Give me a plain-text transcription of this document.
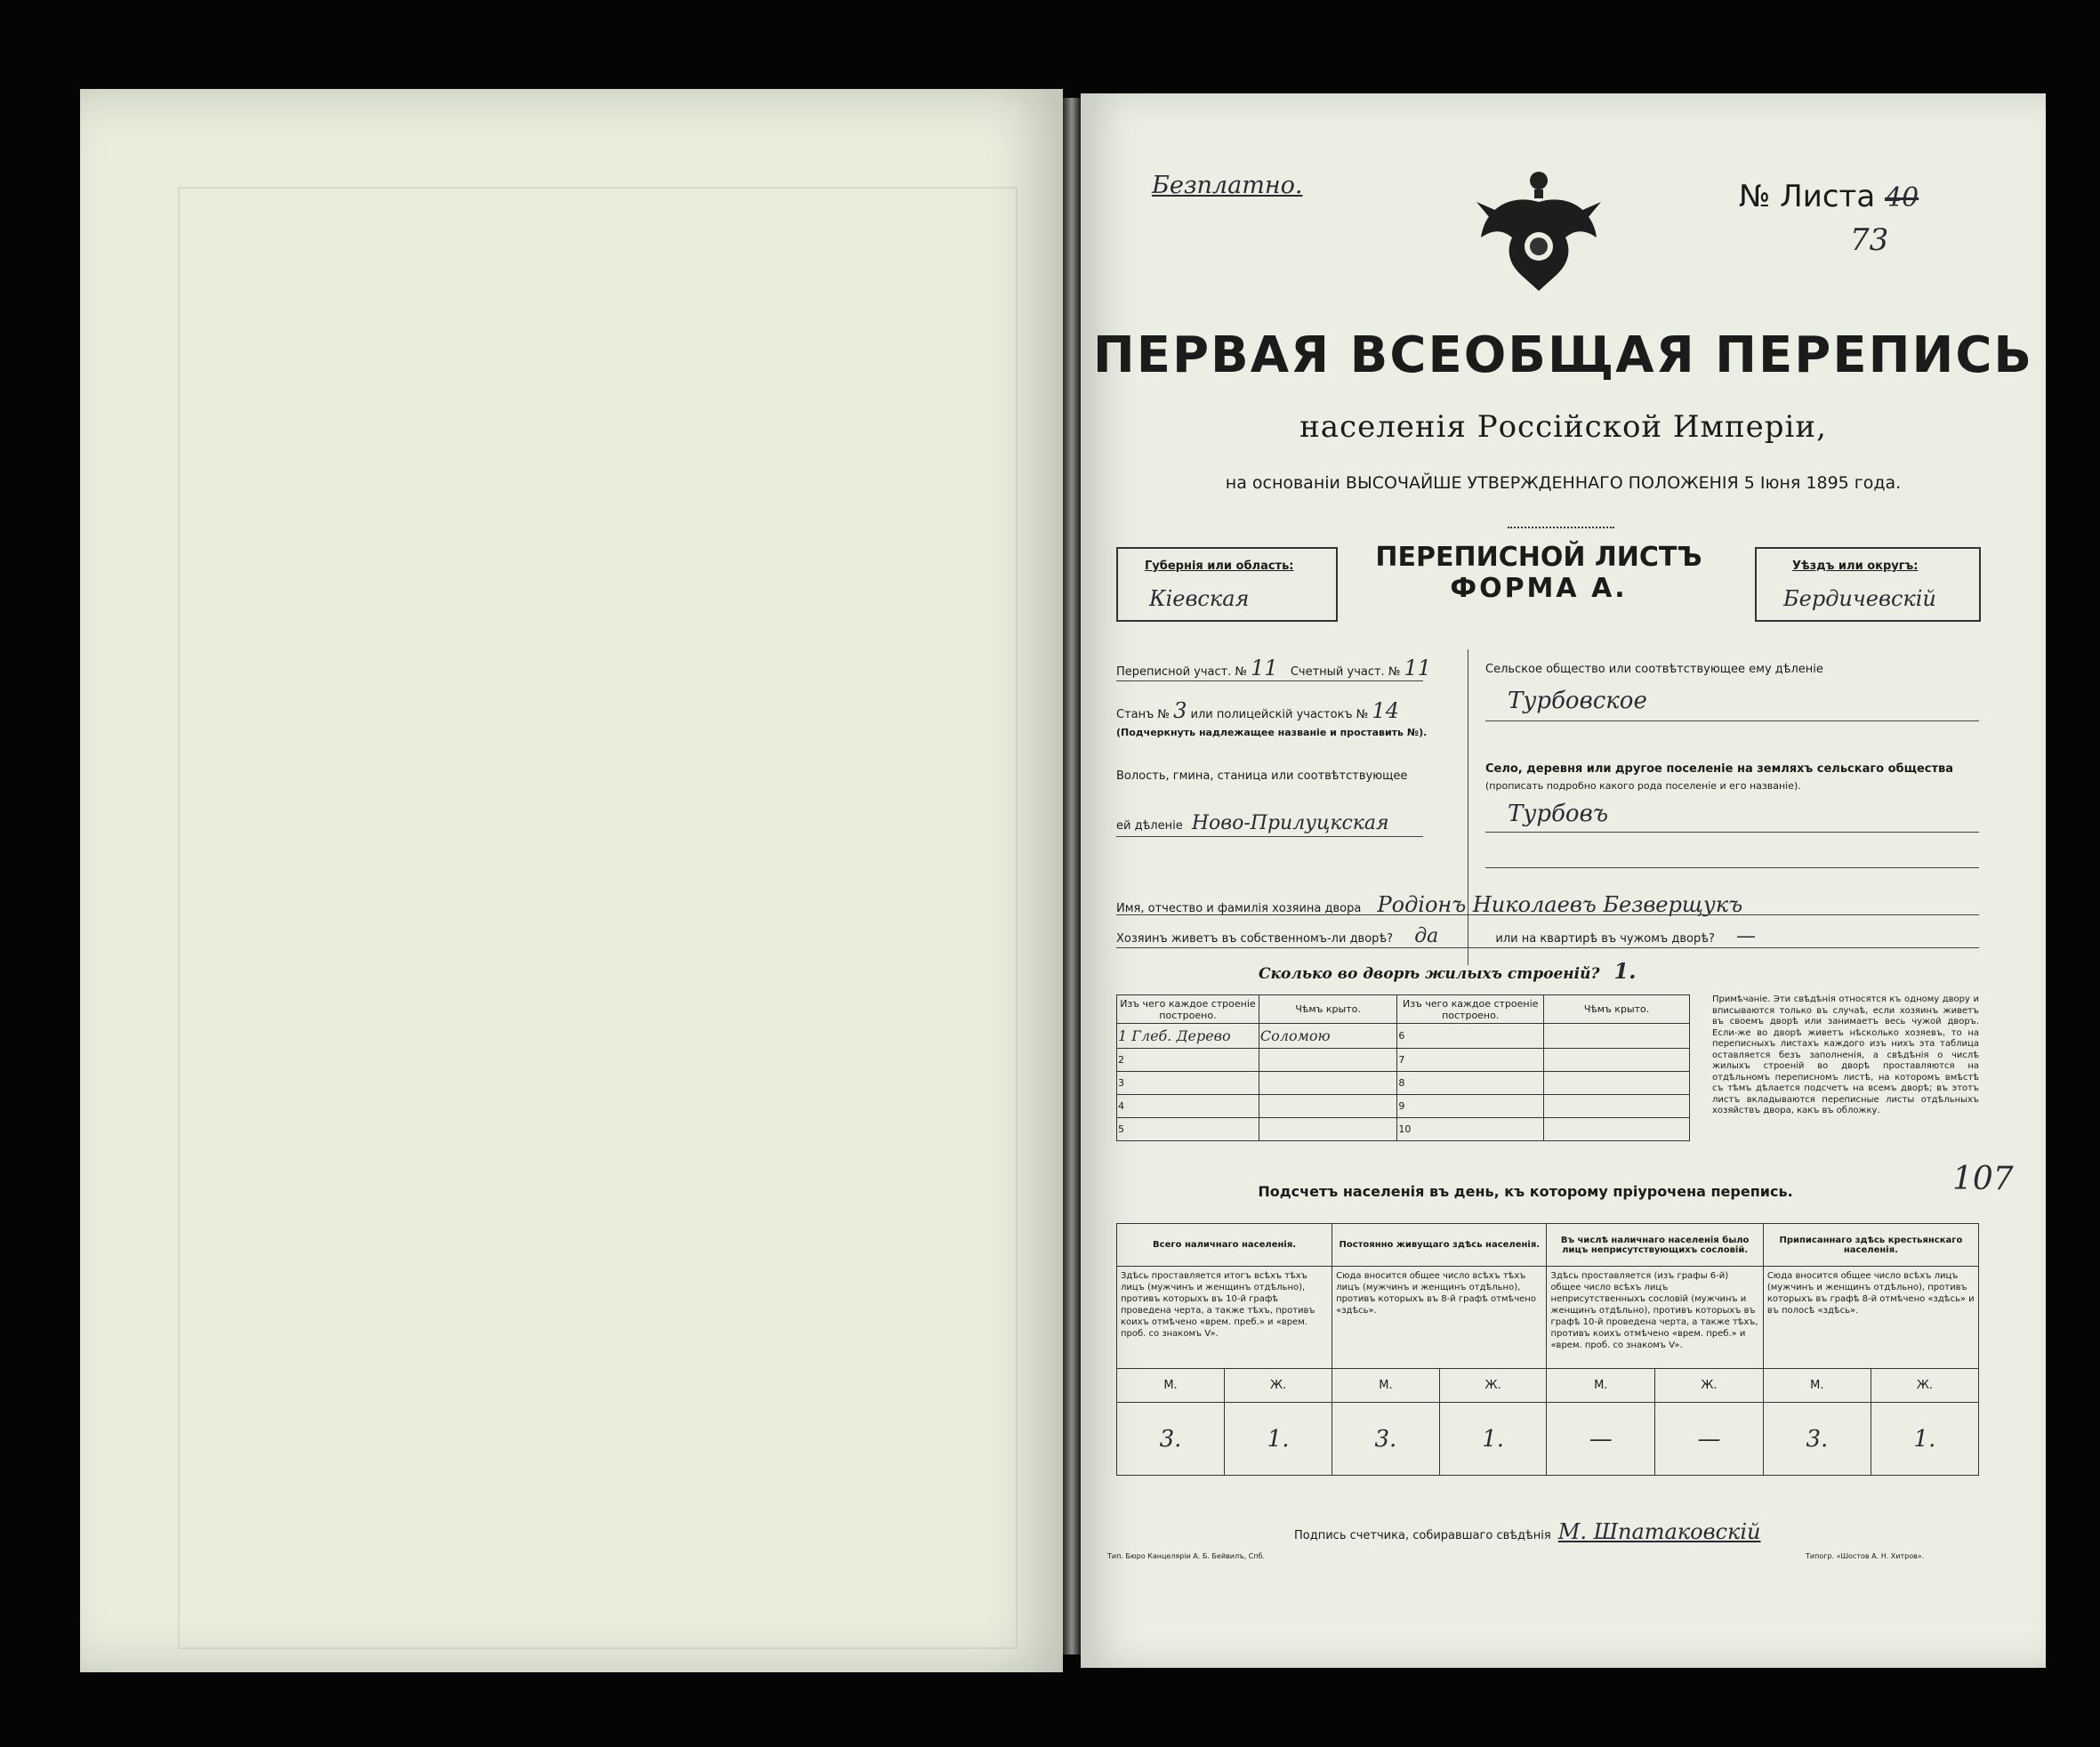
Безплатно.	№ Листа 40
73
ПЕРВАЯ ВСЕОБЩАЯ ПЕРЕПИСЬ
населенія Россійской Имперіи,
на основаніи ВЫСОЧАЙШЕ УТВЕРЖДЕННАГО ПОЛОЖЕНІЯ 5 Іюня 1895 года.
Губернія или область:
Кіевская
ПЕРЕПИСНОЙ ЛИСТЪ
ФОРМА А.
Уѣздъ или округъ:
Бердичевскій
Переписной участ. № 11 Счетный участ. № 11
Станъ № 3 или полицейскій участокъ № 14
(Подчеркнуть надлежащее названіе и проставить №).
Волость, гмина, станица или соотвѣтствующее
ей дѣленіе Ново-Прилуцкская
Сельское общество или соотвѣтствующее ему дѣленіе
Турбовское
Село, деревня или другое поселеніе на земляхъ сельскаго общества
(прописать подробно какого рода поселеніе и его названіе).
Турбовъ
Имя, отчество и фамилія хозяина двора Родіонъ Николаевъ Безверщукъ
Хозяинъ живетъ въ собственномъ-ли дворѣ? да	или на квартирѣ въ чужомъ дворѣ? —
Сколько во дворѣ жилыхъ строеній? 1.
Изъ чего каждое строеніе построено.	Чѣмъ крыто.	Изъ чего каждое строеніе построено.	Чѣмъ крыто.
1 Глеб. Дерево	Соломою	6	
2		7	
3		8	
4		9	
5		10	
Примѣчаніе. Эти свѣдѣнія относятся къ одному двору и вписываются только въ случаѣ, если хозяинъ живетъ въ своемъ дворѣ или занимаетъ весь чужой дворъ. Если-же во дворѣ живетъ нѣсколько хозяевъ, то на переписныхъ листахъ каждого изъ нихъ эта таблица оставляется безъ заполненія, а свѣдѣнія о числѣ жилыхъ строеній во дворѣ проставляются на отдѣльномъ переписномъ листѣ, на которомъ вмѣстѣ съ тѣмъ дѣлается подсчетъ на всемъ дворѣ; въ этотъ листъ вкладываются переписные листы отдѣльныхъ хозяйствъ двора, какъ въ обложку.
Подсчетъ населенія въ день, къ которому пріурочена перепись.	107
Всего наличнаго населенія.		Постоянно живущаго здѣсь населенія.		Въ числѣ наличнаго населенія было лицъ неприсутствующихъ сословій.		Приписаннаго здѣсь крестьянскаго населенія.	
Здѣсь проставляется итогъ всѣхъ тѣхъ лицъ (мужчинъ и женщинъ отдѣльно), противъ которыхъ въ 10-й графѣ проведена черта, а также тѣхъ, противъ коихъ отмѣчено «врем. преб.» и «врем. проб. со знакомъ V».		Сюда вносится общее число всѣхъ тѣхъ лицъ (мужчинъ и женщинъ отдѣльно), противъ которыхъ въ 8-й графѣ отмѣчено «здѣсь».		Здѣсь проставляется (изъ графы 6-й) общее число всѣхъ лицъ неприсутственныхъ сословій (мужчинъ и женщинъ отдѣльно), противъ которыхъ въ графѣ 10-й проведена черта, а также тѣхъ, противъ коихъ отмѣчено «врем. преб.» и «врем. проб. со знакомъ V».		Сюда вносится общее число всѣхъ лицъ (мужчинъ и женщинъ отдѣльно), противъ которыхъ въ графѣ 8-й отмѣчено «здѣсь» и въ полосѣ «здѣсь».	
М.	Ж.	М.	Ж.	М.	Ж.	М.	Ж.
3.	1.	3.	1.	—	—	3.	1.
Подпись счетчика, собиравшаго свѣдѣнія М. Шпатаковскій
Тип. Бюро Канцелярiи А. Б. Бейвилъ, Спб.	Типогр. «Шостов А. Н. Хитров».
